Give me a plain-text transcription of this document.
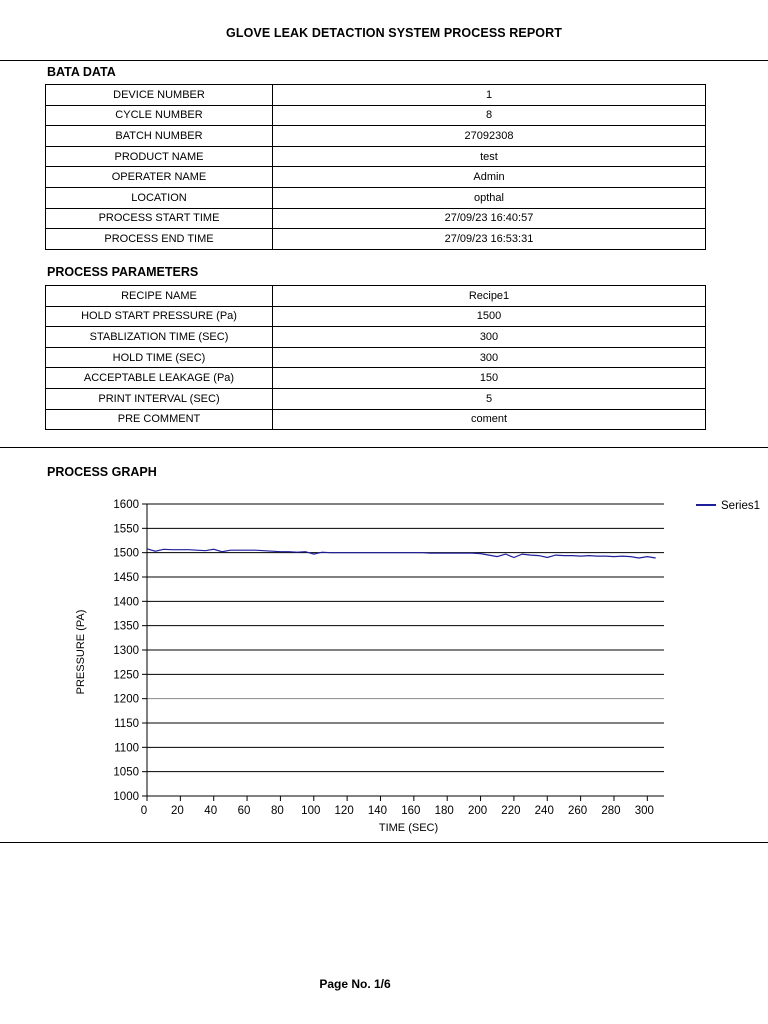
GLOVE LEAK DETACTION SYSTEM PROCESS REPORT
BATA DATA
DEVICE NUMBER	1
CYCLE NUMBER	8
BATCH NUMBER	27092308
PRODUCT NAME	test
OPERATER NAME	Admin
LOCATION	opthal
PROCESS START TIME	27/09/23 16:40:57
PROCESS END TIME	27/09/23 16:53:31
PROCESS PARAMETERS
RECIPE NAME	Recipe1
HOLD START PRESSURE (Pa)	1500
STABLIZATION TIME (SEC)	300
HOLD TIME (SEC)	300
ACCEPTABLE LEAKAGE (Pa)	150
PRINT INTERVAL (SEC)	5
PRE COMMENT	coment
PROCESS GRAPH
1000
1050
1100
1150
1200
1250
1300
1350
1400
1450
1500
1550
1600
0 20 40 60 80 100 120 140 160 180 200 220 240 260 280 300
TIME (SEC)
PRESSURE (PA)
Series1
Page No. 1/6
